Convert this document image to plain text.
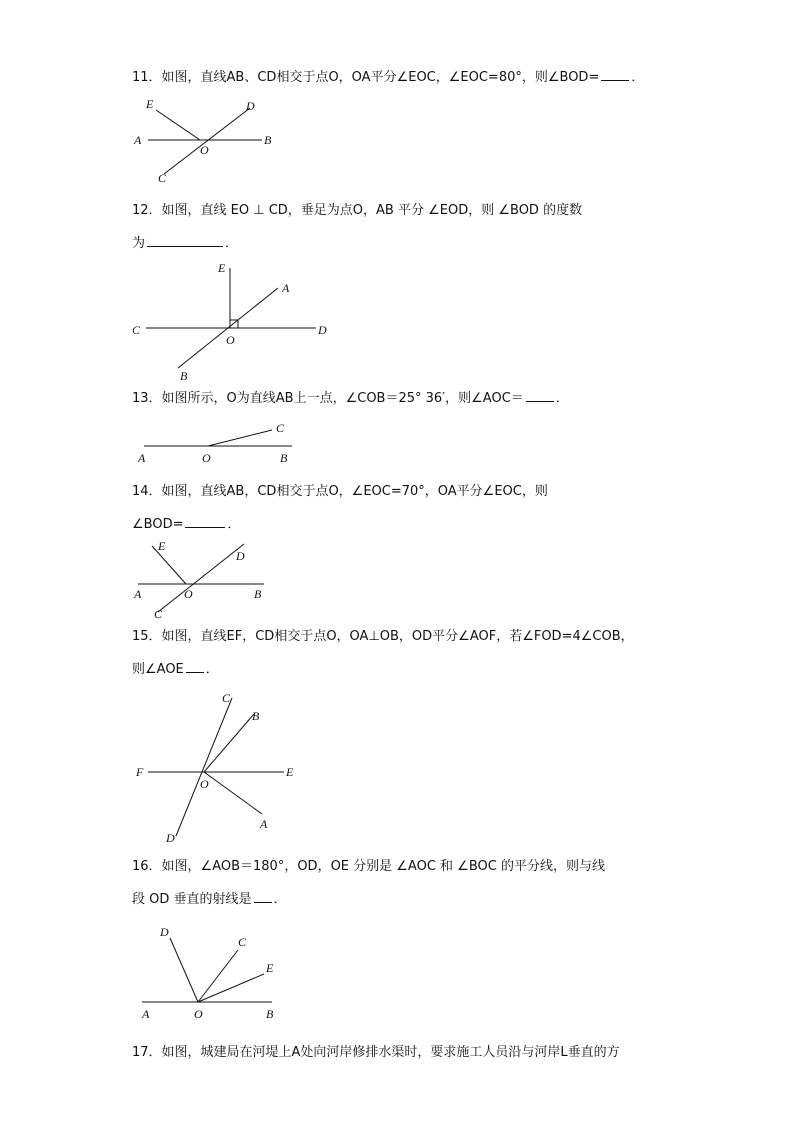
11．如图，直线AB、CD相交于点O，OA平分∠EOC，∠EOC=80°，则∠BOD= ．
E	D
A
O
B
C
12．如图，直线 EO ⊥ CD，垂足为点O，AB 平分 ∠EOD，则 ∠BOD 的度数
为	．
E
A
C
O
D
B
13．如图所示，O为直线AB上一点，∠COB＝25° 36′，则∠AOC＝ ．
C
A	O	B
14．如图，直线AB，CD相交于点O，∠EOC=70°，OA平分∠EOC，则
∠BOD=	．
E
D
A	O	B
C
15．如图，直线EF，CD相交于点O，OA⊥OB，OD平分∠AOF，若∠FOD=4∠COB，
则∠AOE ．
C
B
F	E
O
A
D
16．如图，∠AOB＝180°，OD，OE 分别是 ∠AOC 和 ∠BOC 的平分线，则与线
段 OD 垂直的射线是 ．
D
C
E
A	O	B
17．如图，城建局在河堤上A处向河岸修排水渠时，要求施工人员沿与河岸L垂直的方
